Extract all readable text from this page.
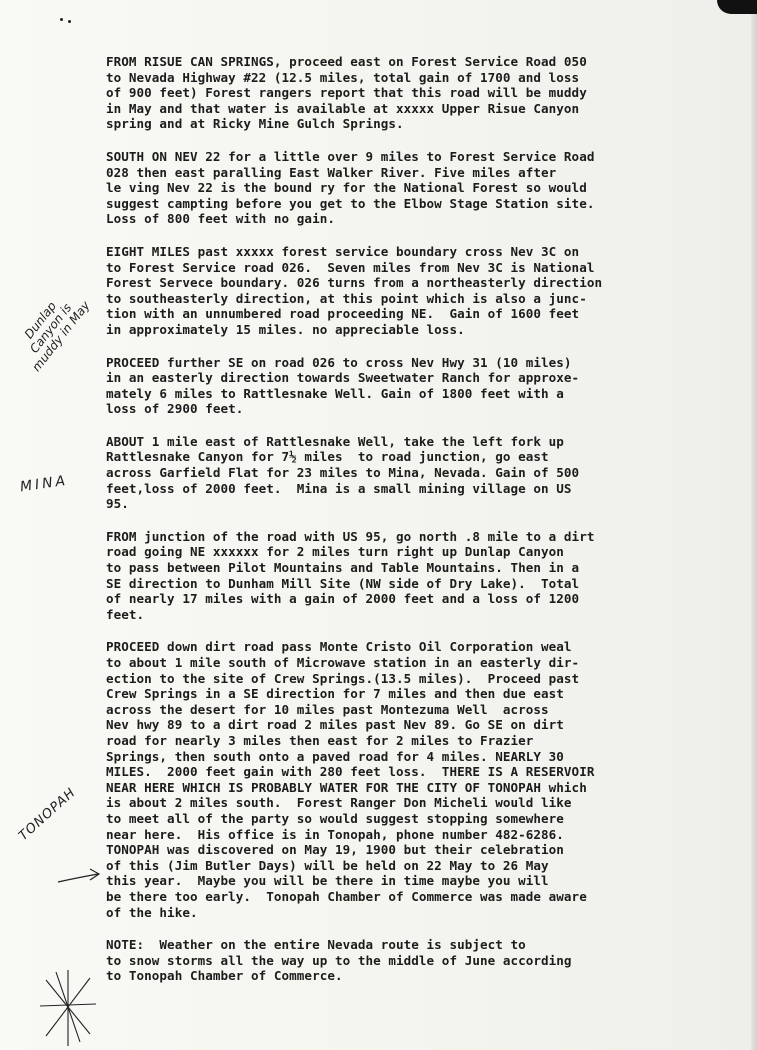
FROM RISUE CAN SPRINGS, proceed east on Forest Service Road 050
to Nevada Highway #22 (12.5 miles, total gain of 1700 and loss
of 900 feet) Forest rangers report that this road will be muddy
in May and that water is available at xxxxx Upper Risue Canyon
spring and at Ricky Mine Gulch Springs.
SOUTH ON NEV 22 for a little over 9 miles to Forest Service Road
028 then east paralling East Walker River. Five miles after
le ving Nev 22 is the bound ry for the National Forest so would
suggest campting before you get to the Elbow Stage Station site.
Loss of 800 feet with no gain.
EIGHT MILES past xxxxx forest service boundary cross Nev 3C on
to Forest Service road 026.  Seven miles from Nev 3C is National
Forest Servece boundary. 026 turns from a northeasterly direction
to southeasterly direction, at this point which is also a junc-
tion with an unnumbered road proceeding NE.  Gain of 1600 feet
in approximately 15 miles. no appreciable loss.
PROCEED further SE on road 026 to cross Nev Hwy 31 (10 miles)
in an easterly direction towards Sweetwater Ranch for approxe-
mately 6 miles to Rattlesnake Well. Gain of 1800 feet with a
loss of 2900 feet.
ABOUT 1 mile east of Rattlesnake Well, take the left fork up
Rattlesnake Canyon for 7½ miles  to road junction, go east
across Garfield Flat for 23 miles to Mina, Nevada. Gain of 500
feet,loss of 2000 feet.  Mina is a small mining village on US
95.
FROM junction of the road with US 95, go north .8 mile to a dirt
road going NE xxxxxx for 2 miles turn right up Dunlap Canyon
to pass between Pilot Mountains and Table Mountains. Then in a
SE direction to Dunham Mill Site (NW side of Dry Lake).  Total
of nearly 17 miles with a gain of 2000 feet and a loss of 1200
feet.
PROCEED down dirt road pass Monte Cristo Oil Corporation weal
to about 1 mile south of Microwave station in an easterly dir-
ection to the site of Crew Springs.(13.5 miles).  Proceed past
Crew Springs in a SE direction for 7 miles and then due east
across the desert for 10 miles past Montezuma Well  across
Nev hwy 89 to a dirt road 2 miles past Nev 89. Go SE on dirt
road for nearly 3 miles then east for 2 miles to Frazier
Springs, then south onto a paved road for 4 miles. NEARLY 30
MILES.  2000 feet gain with 280 feet loss.  THERE IS A RESERVOIR
NEAR HERE WHICH IS PROBABLY WATER FOR THE CITY OF TONOPAH which
is about 2 miles south.  Forest Ranger Don Micheli would like
to meet all of the party so would suggest stopping somewhere
near here.  His office is in Tonopah, phone number 482-6286.
TONOPAH was discovered on May 19, 1900 but their celebration
of this (Jim Butler Days) will be held on 22 May to 26 May
this year.  Maybe you will be there in time maybe you will
be there too early.  Tonopah Chamber of Commerce was made aware
of the hike.
NOTE:  Weather on the entire Nevada route is subject to
to snow storms all the way up to the middle of June according
to Tonopah Chamber of Commerce.
Dunlap Canyon is muddy in May
MINA
TONOPAH
